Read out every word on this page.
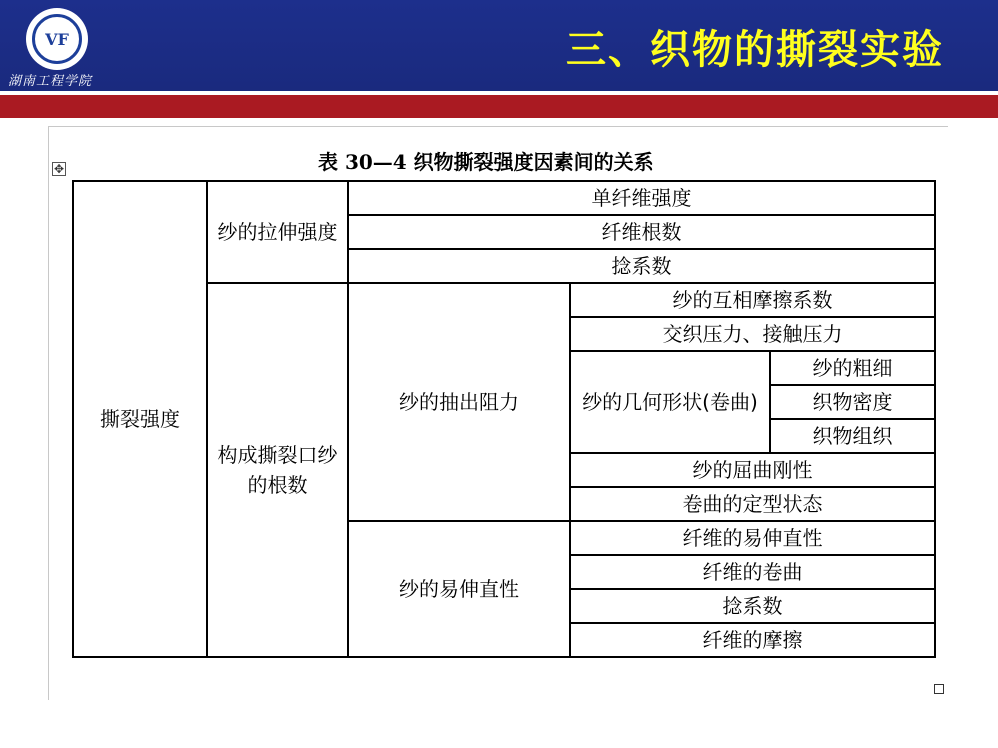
VF
湖南工程学院
三、织物的撕裂实验
✥	表 30—4 织物撕裂强度因素间的关系
撕裂强度	纱的拉伸强度	单纤维强度		
		纤维根数		
		捻系数		
	构成撕裂口纱的根数	纱的抽出阻力	纱的互相摩擦系数	
			交织压力、接触压力	
			纱的几何形状(卷曲)	纱的粗细
				织物密度
				织物组织
			纱的屈曲刚性	
			卷曲的定型状态	
		纱的易伸直性	纤维的易伸直性	
			纤维的卷曲	
			捻系数	
			纤维的摩擦	
